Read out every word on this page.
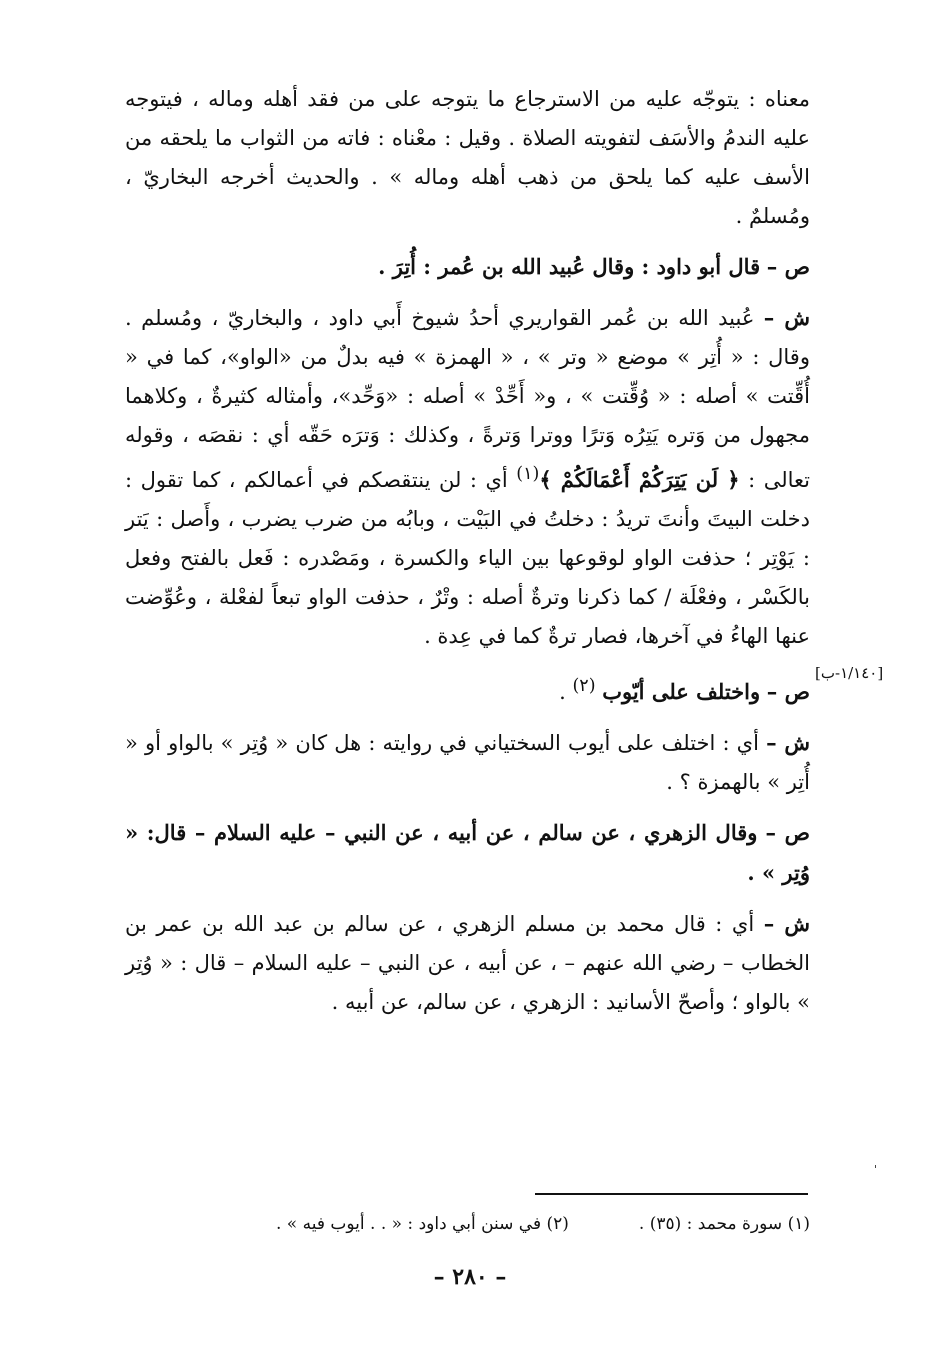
معناه : يتوجّه عليه من الاسترجاع ما يتوجه على من فقد أهله وماله ، فيتوجه عليه الندمُ والأسَف لتفويته الصلاة . وقيل : معْناه : فاته من الثواب ما يلحقه من الأسف عليه كما يلحق من ذهب أهله وماله » . والحديث أخرجه البخاريّ ، ومُسلمٌ .

ص – قال أبو داود : وقال عُبيد الله بن عُمر : أُتِرَ .

ش – عُبيد الله بن عُمر القواريري أحدُ شيوخ أَبي داود ، والبخاريّ ، ومُسلم . وقال : « أُتِر » موضع « وتر » ، « الهمزة » فيه بدلٌ من «الواو»، كما في « أُقِّتت » أصله : « وُقِّتت » ، و« أَحِّدْ » أصله : «وَحِّد»، وأمثاله كثيرةٌ ، وكلاهما مجهول من وَتره يَتِرُه وَترًا ووترا وَترةً ، وكذلك : وَترَه حَقّه أي : نقصَه ، وقوله تعالى : ﴿ لَن يَتِرَكُمْ أَعْمَالَكُمْ ﴾$^{(١)}$ أي : لن ينتقصكم في أعمالكم ، كما تقول : دخلت البيتَ وأنتَ تريدُ : دخلتُ في البَيْت ، وبابُه من ضرب يضرب ، وأَصل : يَتر : يَوْتِر ؛ حذفت الواو لوقوعها بين الياء والكسرة ، ومَصْدره : فَعل بالفتح وفعل بالكَسْر ، وفعْلَة / كما ذكرنا وترةٌ أصله : وتْرٌ ، حذفت الواو تبعاً لفعْلة ، وعُوِّضت عنها الهاءُ في آخرها، فصار ترةٌ كما في عِدة .

ص – واختلف على أيّوب $^{(٢)}$ .

ش – أي : اختلف على أيوب السختياني في روايته : هل كان « وُتِر » بالواو أو « أُتِر » بالهمزة ؟ .

ص – وقال الزهري ، عن سالم ، عن أبيه ، عن النبي – عليه السلام – قال: « وُتِر » .

ش – أي : قال محمد بن مسلم الزهري ، عن سالم بن عبد الله بن عمر بن الخطاب – رضي الله عنهم – ، عن أبيه ، عن النبي – عليه السلام – قال : « وُتِر » بالواو ؛ وأصحّ الأسانيد : الزهري ، عن سالم، عن أبيه .

[١/١٤٠-ب]
(١) سورة محمد : (٣٥) .
(٢) في سنن أبي داود : « . . أيوب فيه » .
– ٢٨٠ –
